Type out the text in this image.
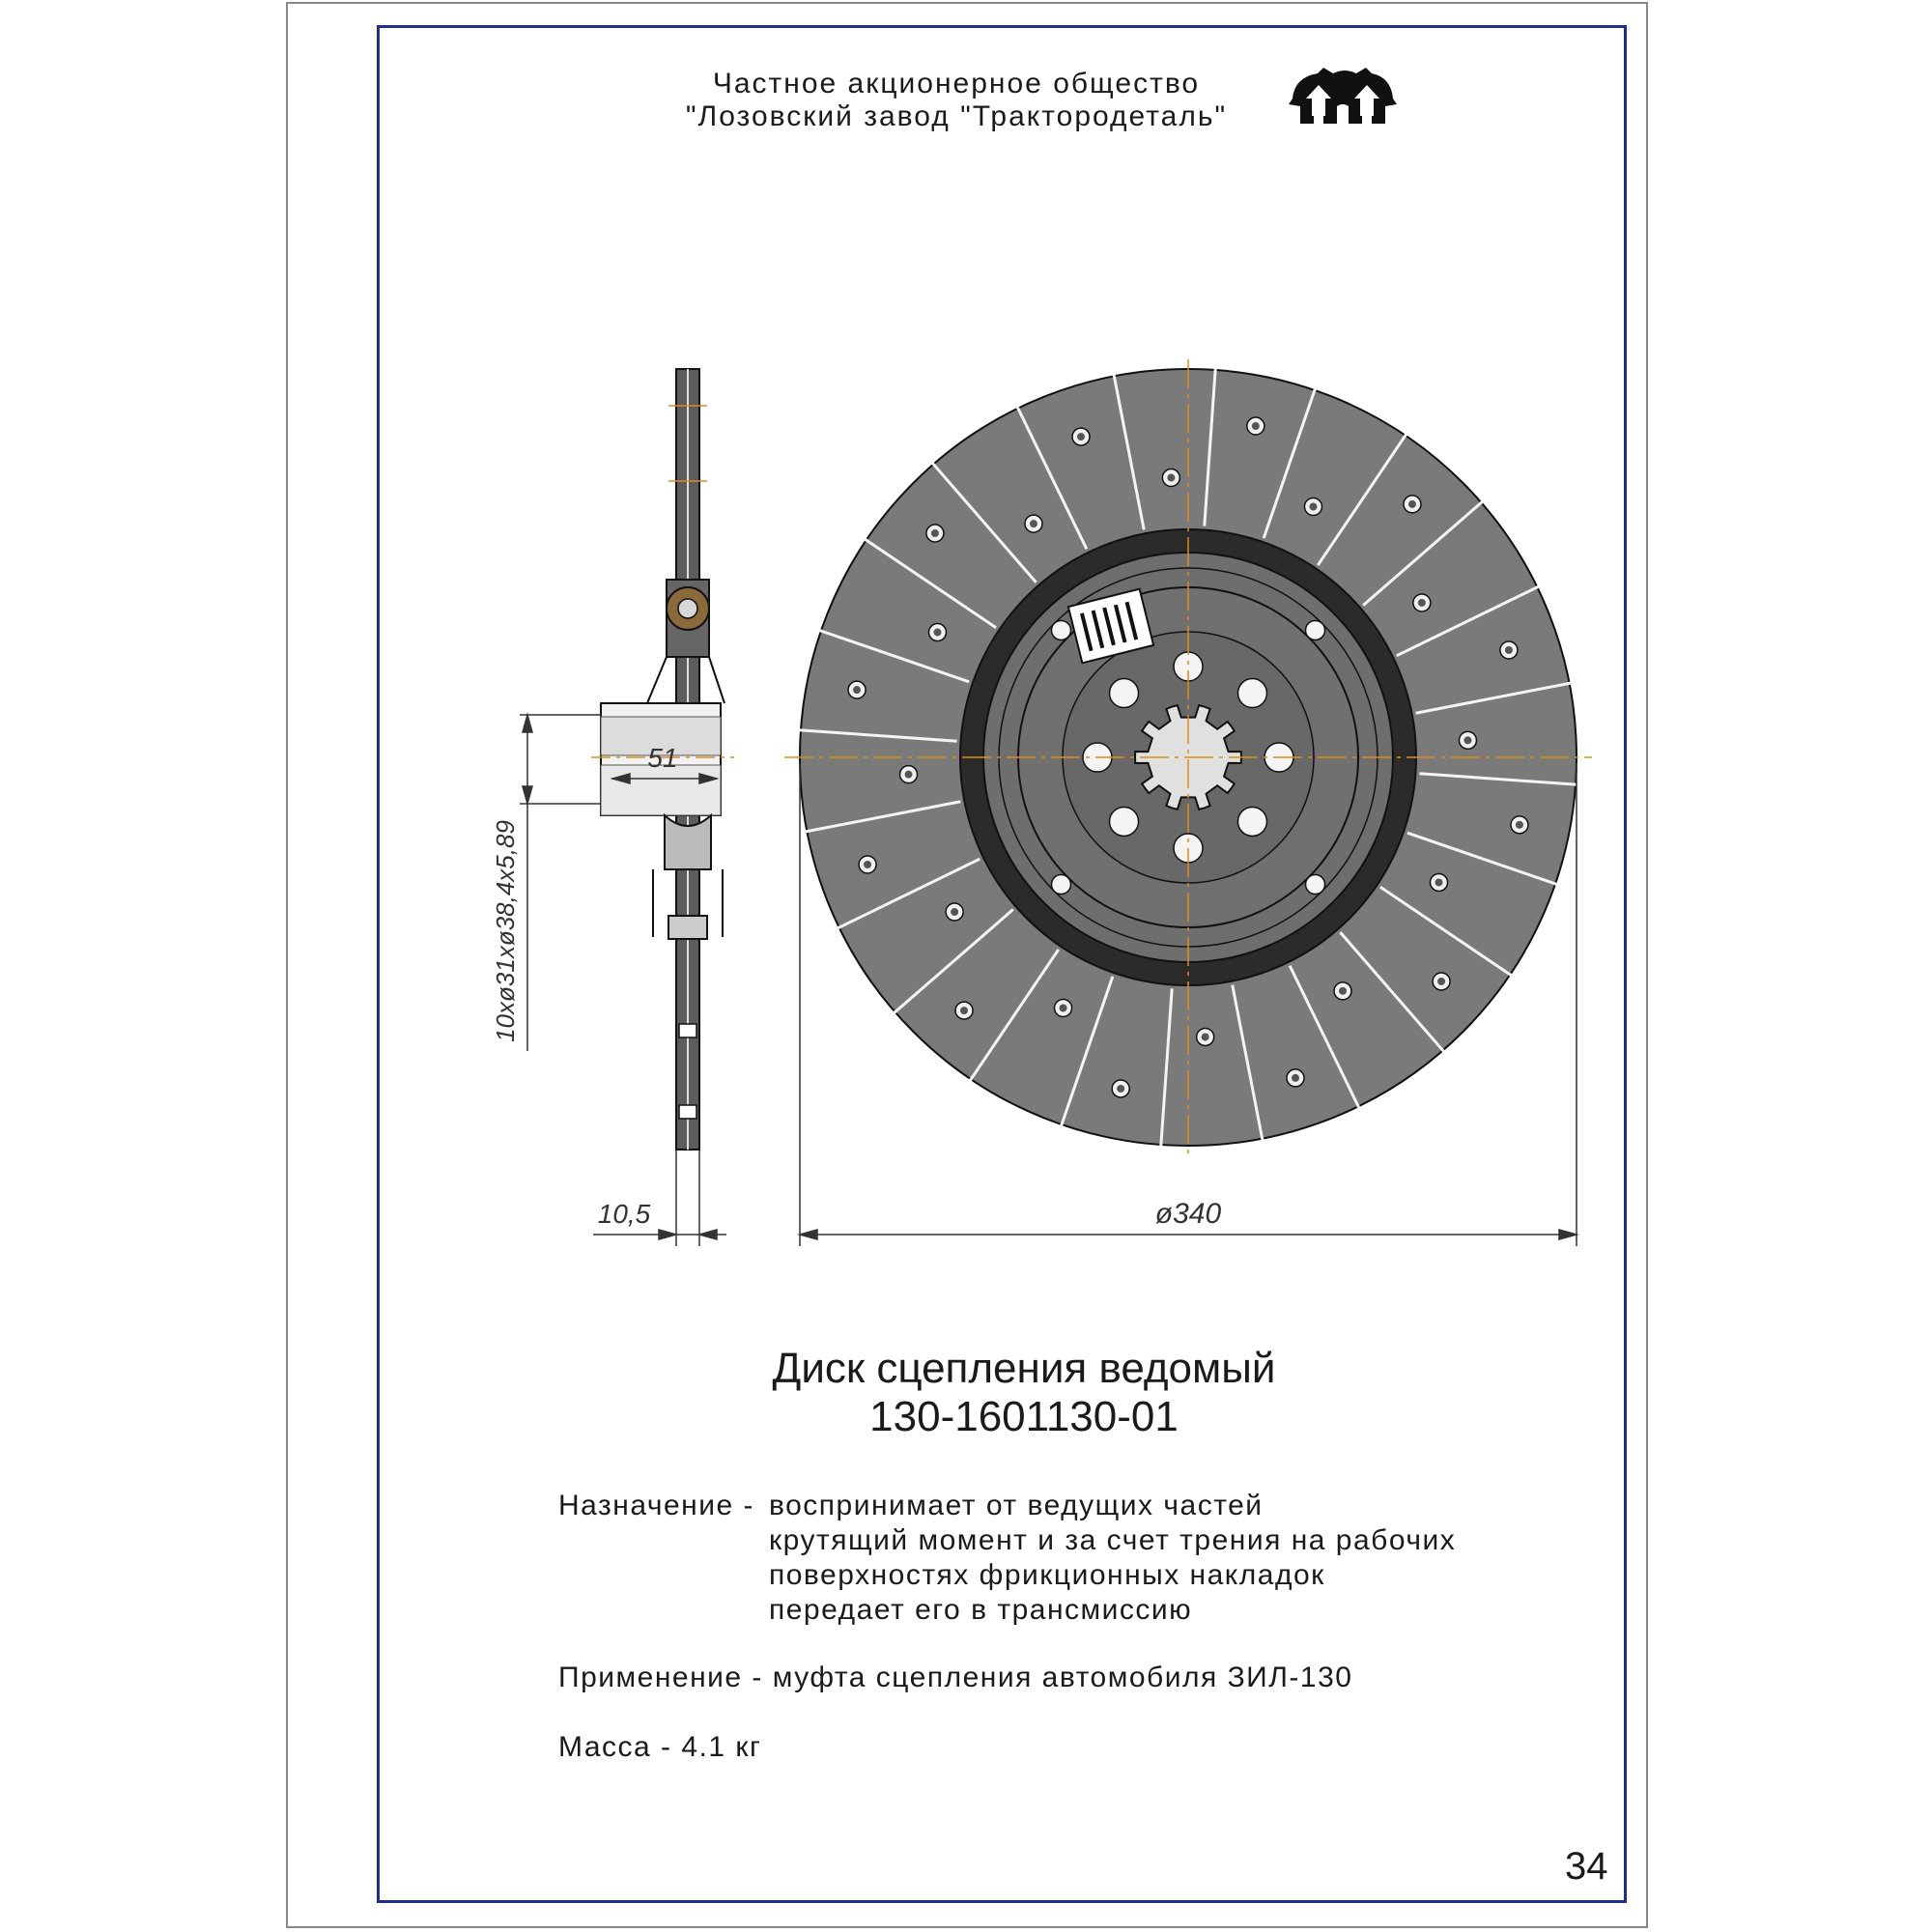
Частное акционерное общество
"Лозовский завод "Трактородеталь"
51
10xø31xø38,4x5,89
10,5	ø340
Диск сцепления ведомый
130-1601130-01
Назначение - воспринимает от ведущих частей
крутящий момент и за счет трения на рабочих
поверхностях фрикционных накладок
передает его в трансмиссию
Применение - муфта сцепления автомобиля ЗИЛ-130
Масса - 4.1 кг
34
